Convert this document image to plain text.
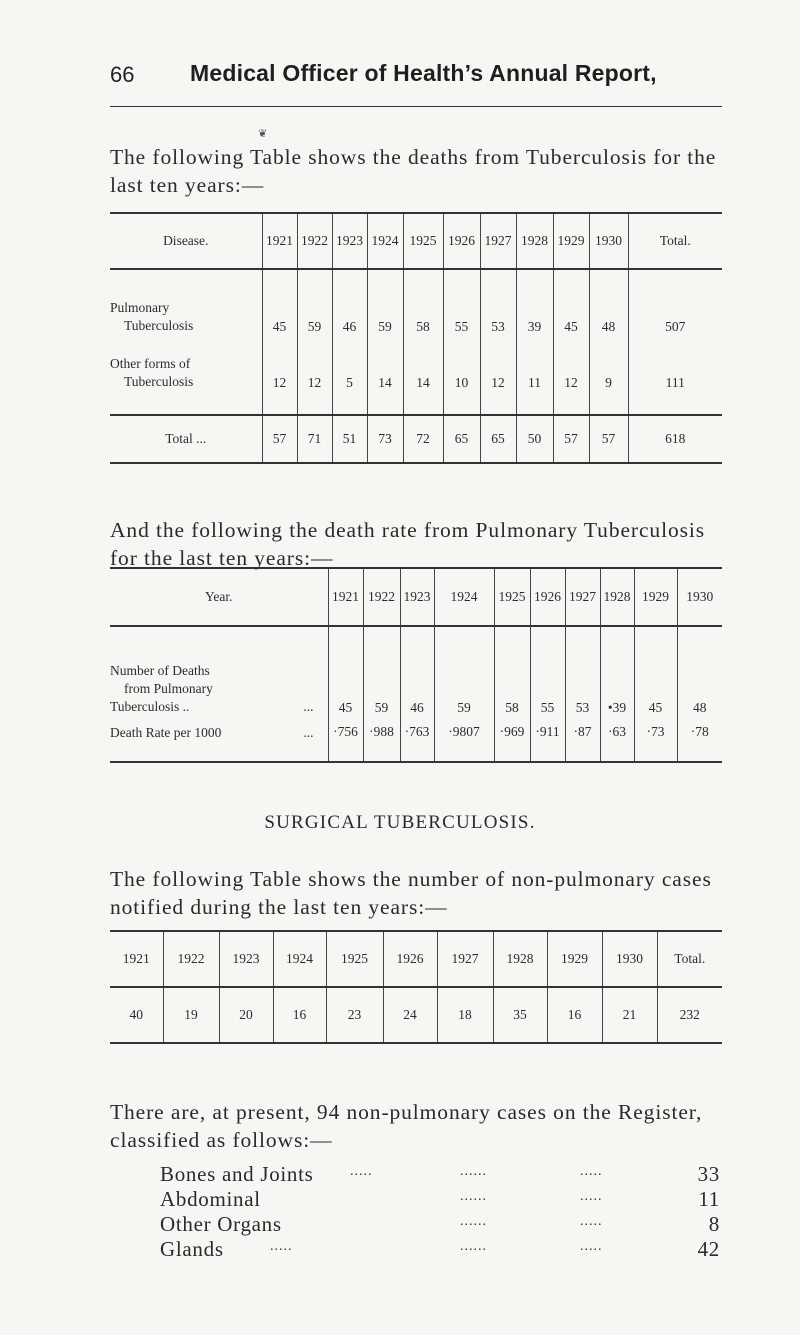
66 Medical Officer of Health’s Annual Report,
❦
The following Table shows the deaths from Tuberculosis for the last ten years:—
Disease.	1921	1922	1923	1924	1925	1926	1927	1928	1929	1930	Total.

Pulmonary
Tuberculosis	45	59	46	59	58	55	53	39	45	48	507

Other forms of
Tuberculosis	12	12	5	14	14	10	12	11	12	9	111

Total ...	57	71	51	73	72	65	65	50	57	57	618
And the following the death rate from Pulmonary Tuberculosis for the last ten years:—
Year.	1921	1922	1923	1924	1925	1926	1927	1928	1929	1930

Number of Deaths
from Pulmonary
Tuberculosis .. ...	45	59	46	59	58	55	53	•39	45	48

Death Rate per 1000 ...	·756	·988	·763	·9807	·969	·911	·87	·63	·73	·78
SURGICAL TUBERCULOSIS.
The following Table shows the number of non-pulmonary cases notified during the last ten years:—
1921	1922	1923	1924	1925	1926	1927	1928	1929	1930	Total.
40	19	20	16	23	24	18	35	16	21	232
There are, at present, 94 non-pulmonary cases on the Register, classified as follows:—
Bones and Joints	.....	......	.....	33
Abdominal	......	.....	11
Other Organs	......	.....	8
Glands	.....	......	.....	42
